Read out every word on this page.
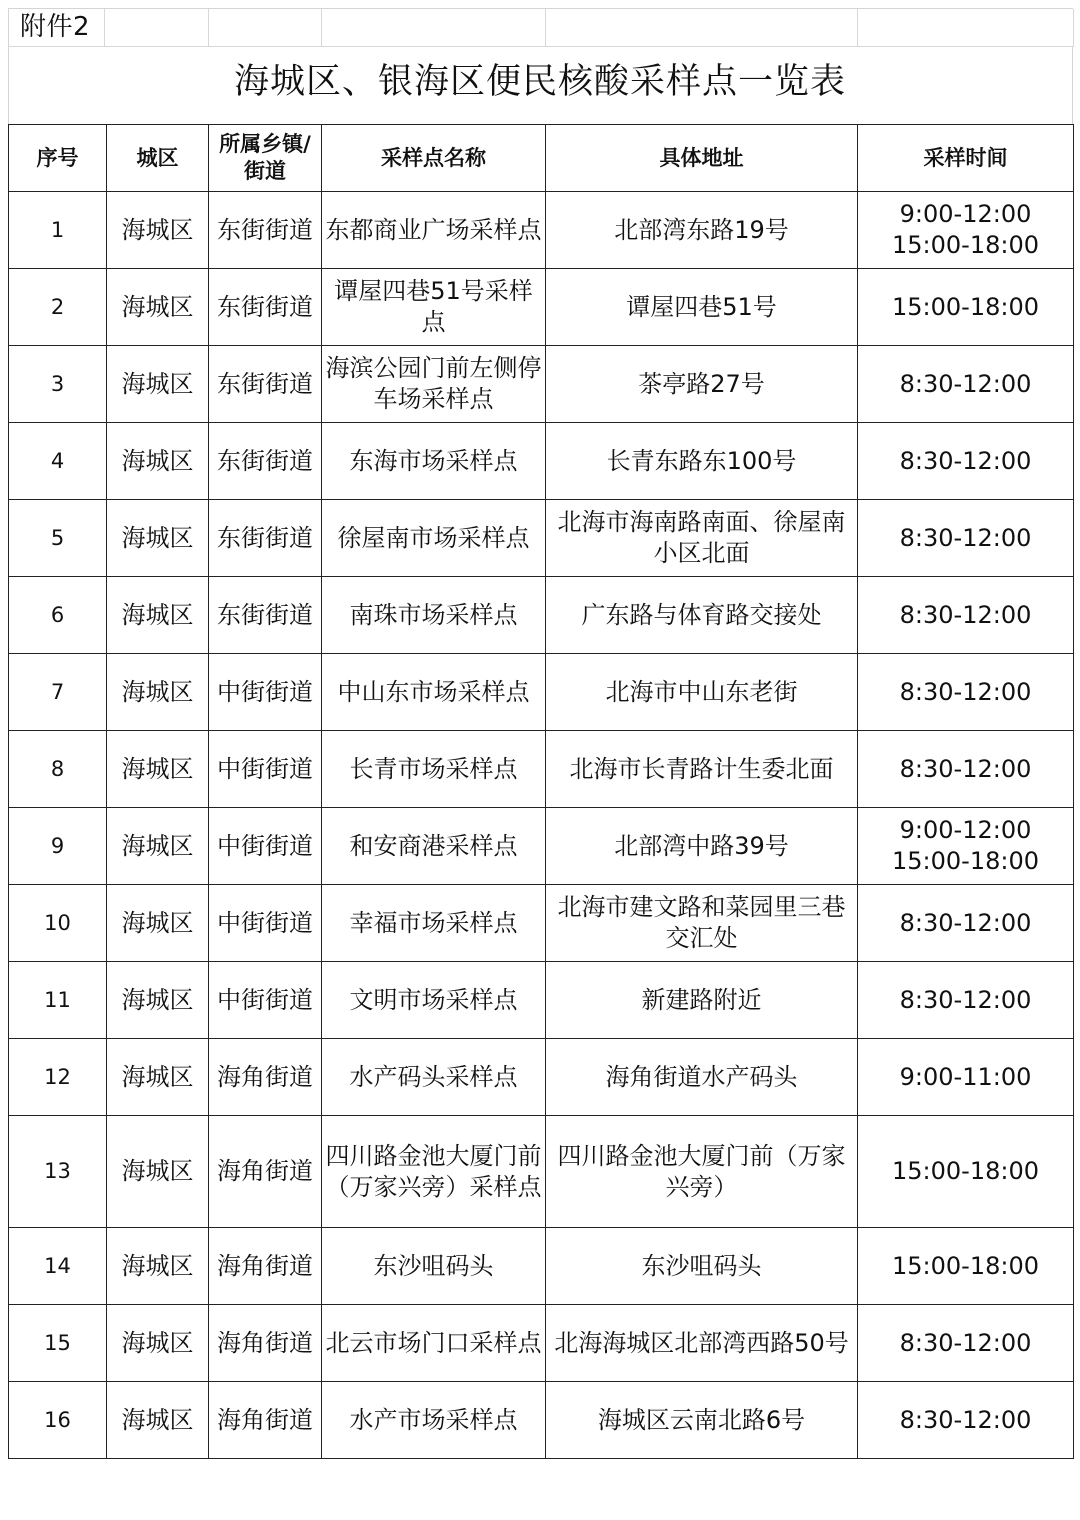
附件2
海城区、银海区便民核酸采样点一览表
序号	城区	所属乡镇/街道	采样点名称	具体地址	采样时间
1	海城区	东街街道	东都商业广场采样点	北部湾东路19号	9:00-12:00 15:00-18:00
2	海城区	东街街道	谭屋四巷51号采样点	谭屋四巷51号	15:00-18:00
3	海城区	东街街道	海滨公园门前左侧停车场采样点	茶亭路27号	8:30-12:00
4	海城区	东街街道	东海市场采样点	长青东路东100号	8:30-12:00
5	海城区	东街街道	徐屋南市场采样点	北海市海南路南面、徐屋南小区北面	8:30-12:00
6	海城区	东街街道	南珠市场采样点	广东路与体育路交接处	8:30-12:00
7	海城区	中街街道	中山东市场采样点	北海市中山东老街	8:30-12:00
8	海城区	中街街道	长青市场采样点	北海市长青路计生委北面	8:30-12:00
9	海城区	中街街道	和安商港采样点	北部湾中路39号	9:00-12:00 15:00-18:00
10	海城区	中街街道	幸福市场采样点	北海市建文路和菜园里三巷交汇处	8:30-12:00
11	海城区	中街街道	文明市场采样点	新建路附近	8:30-12:00
12	海城区	海角街道	水产码头采样点	海角街道水产码头	9:00-11:00
13	海城区	海角街道	四川路金池大厦门前（万家兴旁）采样点	四川路金池大厦门前（万家兴旁）	15:00-18:00
14	海城区	海角街道	东沙咀码头	东沙咀码头	15:00-18:00
15	海城区	海角街道	北云市场门口采样点	北海海城区北部湾西路50号	8:30-12:00
16	海城区	海角街道	水产市场采样点	海城区云南北路6号	8:30-12:00
